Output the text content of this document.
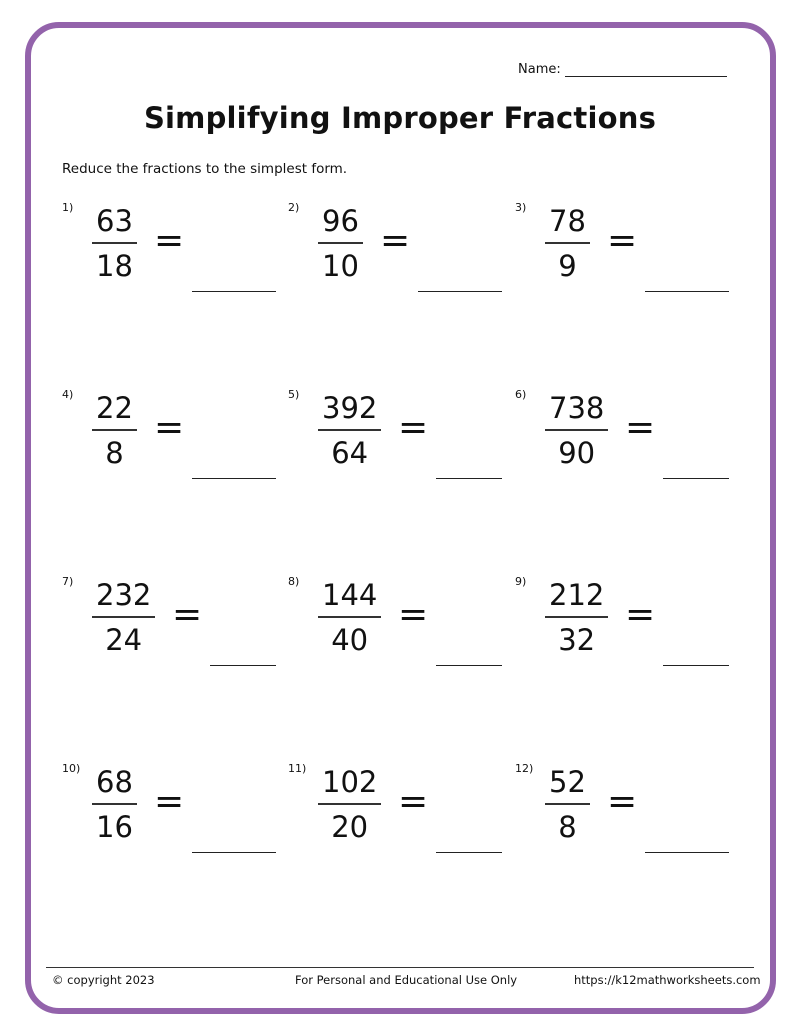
Name:
Simplifying Improper Fractions
Reduce the fractions to the simplest form.
1) 63
18
=
2) 96
10
=
3) 78
9
=
4) 22
8
=
5) 392
64
=
6) 738
90
=
7) 232
24
=
8) 144
40
=
9) 212
32
=
10) 68
16
=
11) 102
20
=
12) 52
8
=
© copyright 2023	For Personal and Educational Use Only	https://k12mathworksheets.com
